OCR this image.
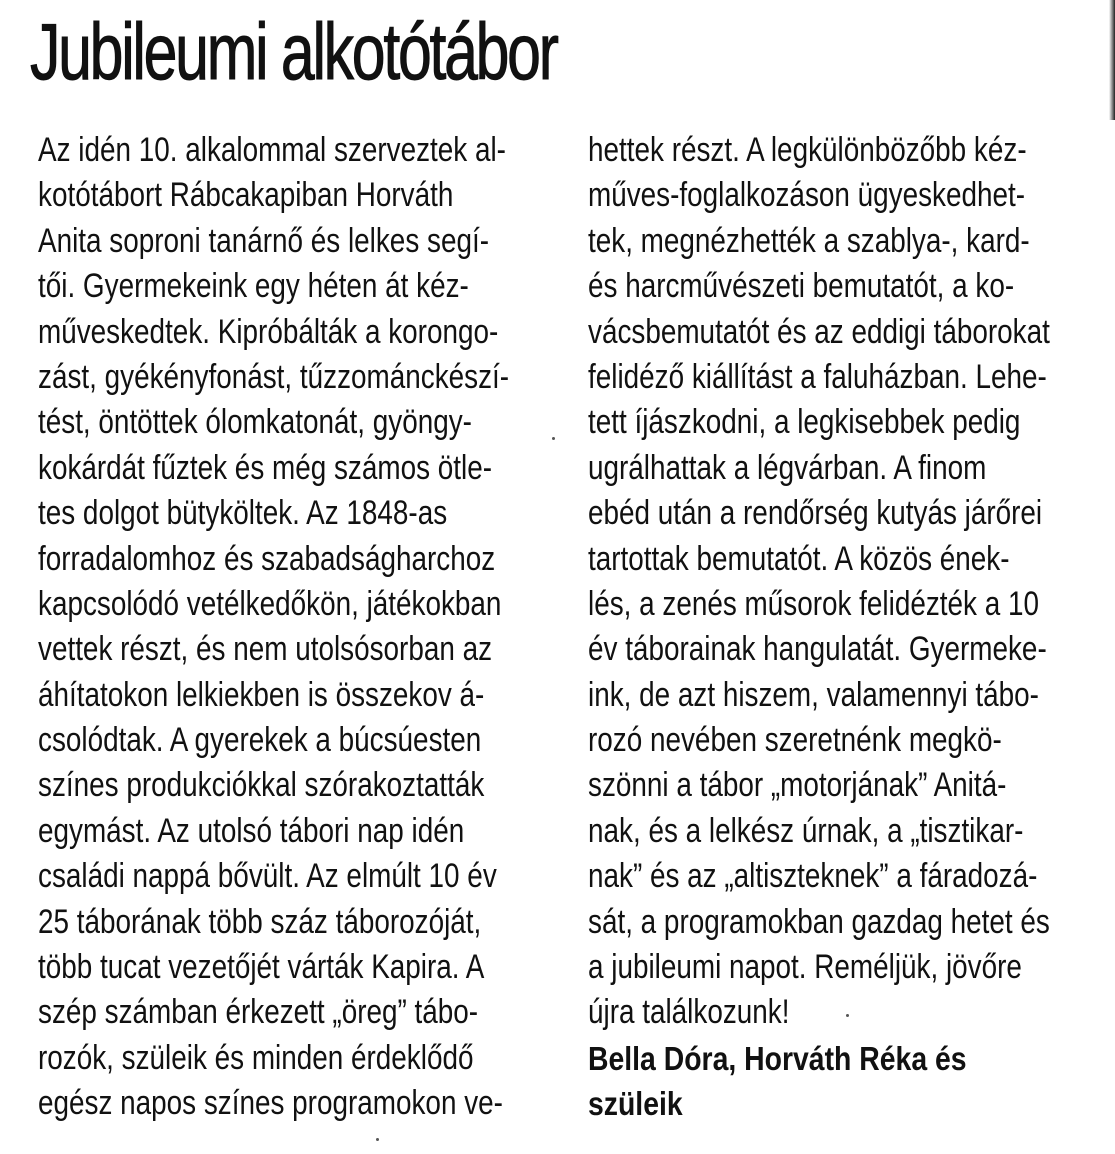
Jubileumi alkotótábor
Az idén 10. alkalommal szerveztek al-
kotótábort Rábcakapiban Horváth
Anita soproni tanárnő és lelkes segí-
tői. Gyermekeink egy héten át kéz-
műveskedtek. Kipróbálták a korongo-
zást, gyékényfonást, tűzzománckészí-
tést, öntöttek ólomkatonát, gyöngy-
kokárdát fűztek és még számos ötle-
tes dolgot bütyköltek. Az 1848-as
forradalomhoz és szabadságharchoz
kapcsolódó vetélkedőkön, játékokban
vettek részt, és nem utolsósorban az
áhítatokon lelkiekben is összekov á-
csolódtak. A gyerekek a búcsúesten
színes produkciókkal szórakoztatták
egymást. Az utolsó tábori nap idén
családi nappá bővült. Az elmúlt 10 év
25 táborának több száz táborozóját,
több tucat vezetőjét várták Kapira. A
szép számban érkezett „öreg” tábo-
rozók, szüleik és minden érdeklődő
egész napos színes programokon ve-
hettek részt. A legkülönbözőbb kéz-
műves-foglalkozáson ügyeskedhet-
tek, megnézhették a szablya-, kard-
és harcművészeti bemutatót, a ko-
vácsbemutatót és az eddigi táborokat
felidéző kiállítást a faluházban. Lehe-
tett íjászkodni, a legkisebbek pedig
ugrálhattak a légvárban. A finom
ebéd után a rendőrség kutyás járőrei
tartottak bemutatót. A közös ének-
lés, a zenés műsorok felidézték a 10
év táborainak hangulatát. Gyermeke-
ink, de azt hiszem, valamennyi tábo-
rozó nevében szeretnénk megkö-
szönni a tábor „motorjának” Anitá-
nak, és a lelkész úrnak, a „tisztikar-
nak” és az „altiszteknek” a fáradozá-
sát, a programokban gazdag hetet és
a jubileumi napot. Reméljük, jövőre
újra találkozunk!
Bella Dóra, Horváth Réka és
szüleik
